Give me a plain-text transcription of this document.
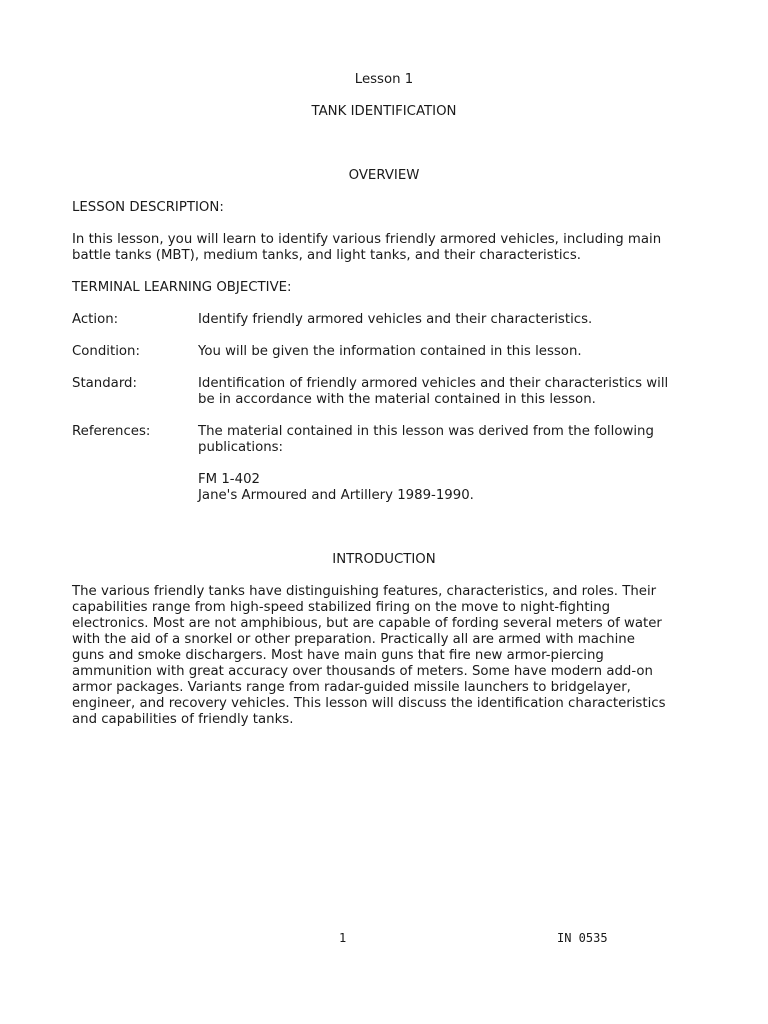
Lesson 1
TANK IDENTIFICATION
OVERVIEW
LESSON DESCRIPTION:
In this lesson, you will learn to identify various friendly armored vehicles, including main battle tanks (MBT), medium tanks, and light tanks, and their characteristics.
TERMINAL LEARNING OBJECTIVE:
Action:	Identify friendly armored vehicles and their characteristics.
Condition:	You will be given the information contained in this lesson.
Standard:	Identification of friendly armored vehicles and their characteristics will
be in accordance with the material contained in this lesson.
References:	The material contained in this lesson was derived from the following
publications:
FM 1-402
Jane's Armoured and Artillery 1989-1990.
INTRODUCTION
The various friendly tanks have distinguishing features, characteristics, and roles. Their
capabilities range from high-speed stabilized firing on the move to night-fighting
electronics. Most are not amphibious, but are capable of fording several meters of water
with the aid of a snorkel or other preparation. Practically all are armed with machine
guns and smoke dischargers. Most have main guns that fire new armor-piercing
ammunition with great accuracy over thousands of meters. Some have modern add-on
armor packages. Variants range from radar-guided missile launchers to bridgelayer,
engineer, and recovery vehicles. This lesson will discuss the identification characteristics
and capabilities of friendly tanks.
1	IN 0535
